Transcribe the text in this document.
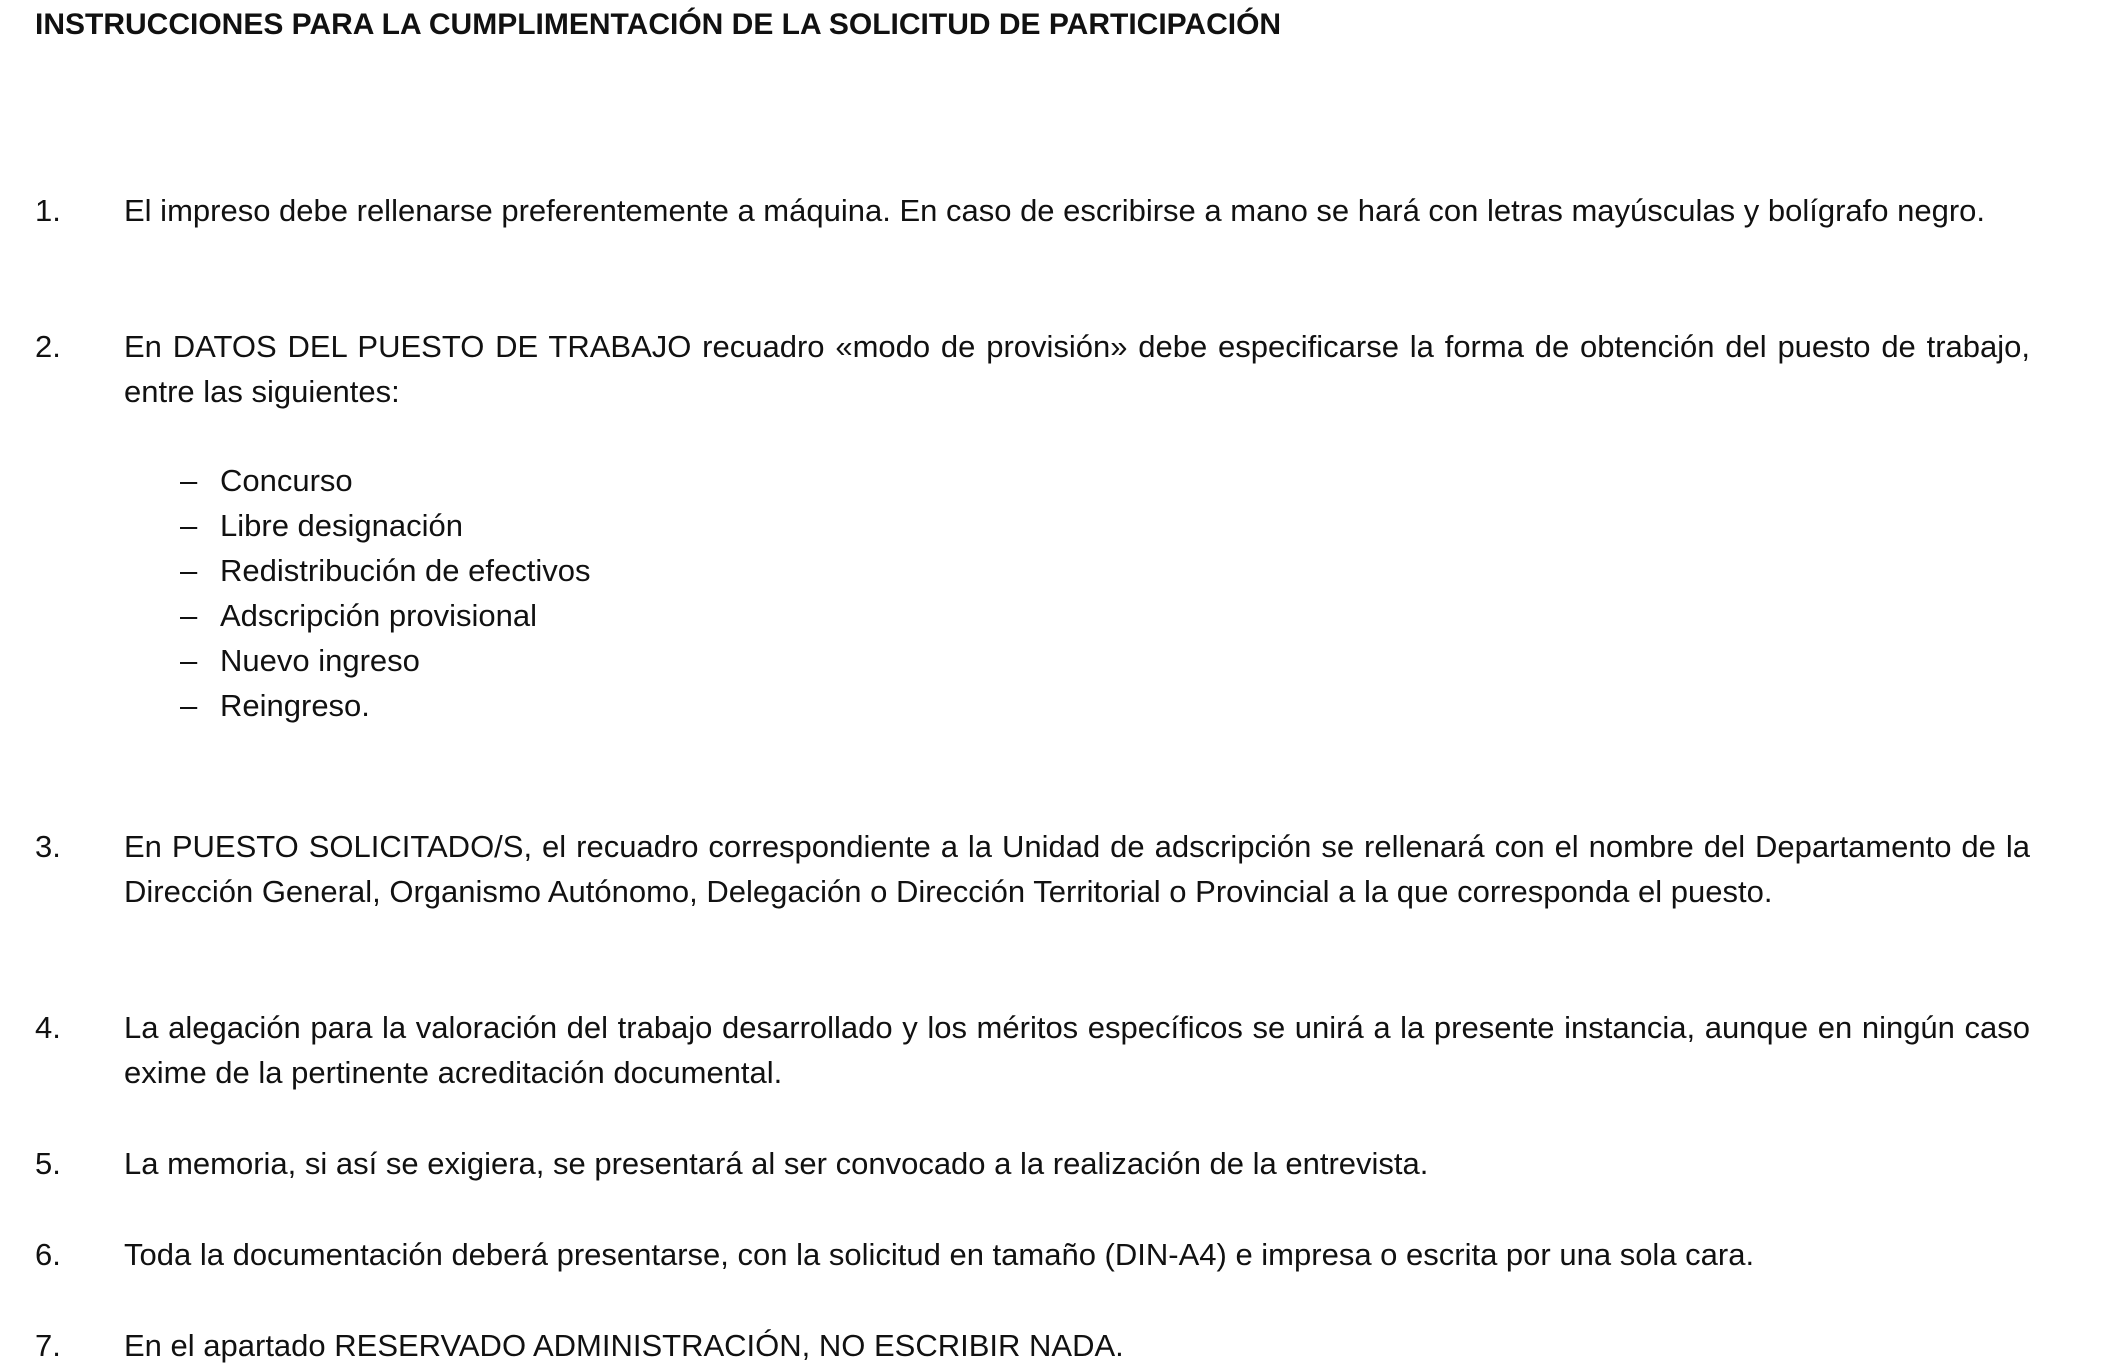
INSTRUCCIONES PARA LA CUMPLIMENTACIÓN DE LA SOLICITUD DE PARTICIPACIÓN
1.	El impreso debe rellenarse preferentemente a máquina. En caso de escribirse a mano se hará con letras mayúsculas y bolígrafo negro.
2.	En DATOS DEL PUESTO DE TRABAJO recuadro «modo de provisión» debe especificarse la forma de obtención del puesto de trabajo, entre las siguientes:
– Concurso
– Libre designación
– Redistribución de efectivos
– Adscripción provisional
– Nuevo ingreso
– Reingreso.
3.	En PUESTO SOLICITADO/S, el recuadro correspondiente a la Unidad de adscripción se rellenará con el nombre del Departamento de la Dirección General, Organismo Autónomo, Delegación o Dirección Territorial o Provincial a la que corresponda el puesto.
4.	La alegación para la valoración del trabajo desarrollado y los méritos específicos se unirá a la presente instancia, aunque en ningún caso exime de la pertinente acreditación documental.
5.	La memoria, si así se exigiera, se presentará al ser convocado a la realización de la entrevista.
6.	Toda la documentación deberá presentarse, con la solicitud en tamaño (DIN-A4) e impresa o escrita por una sola cara.
7.	En el apartado RESERVADO ADMINISTRACIÓN, NO ESCRIBIR NADA.
